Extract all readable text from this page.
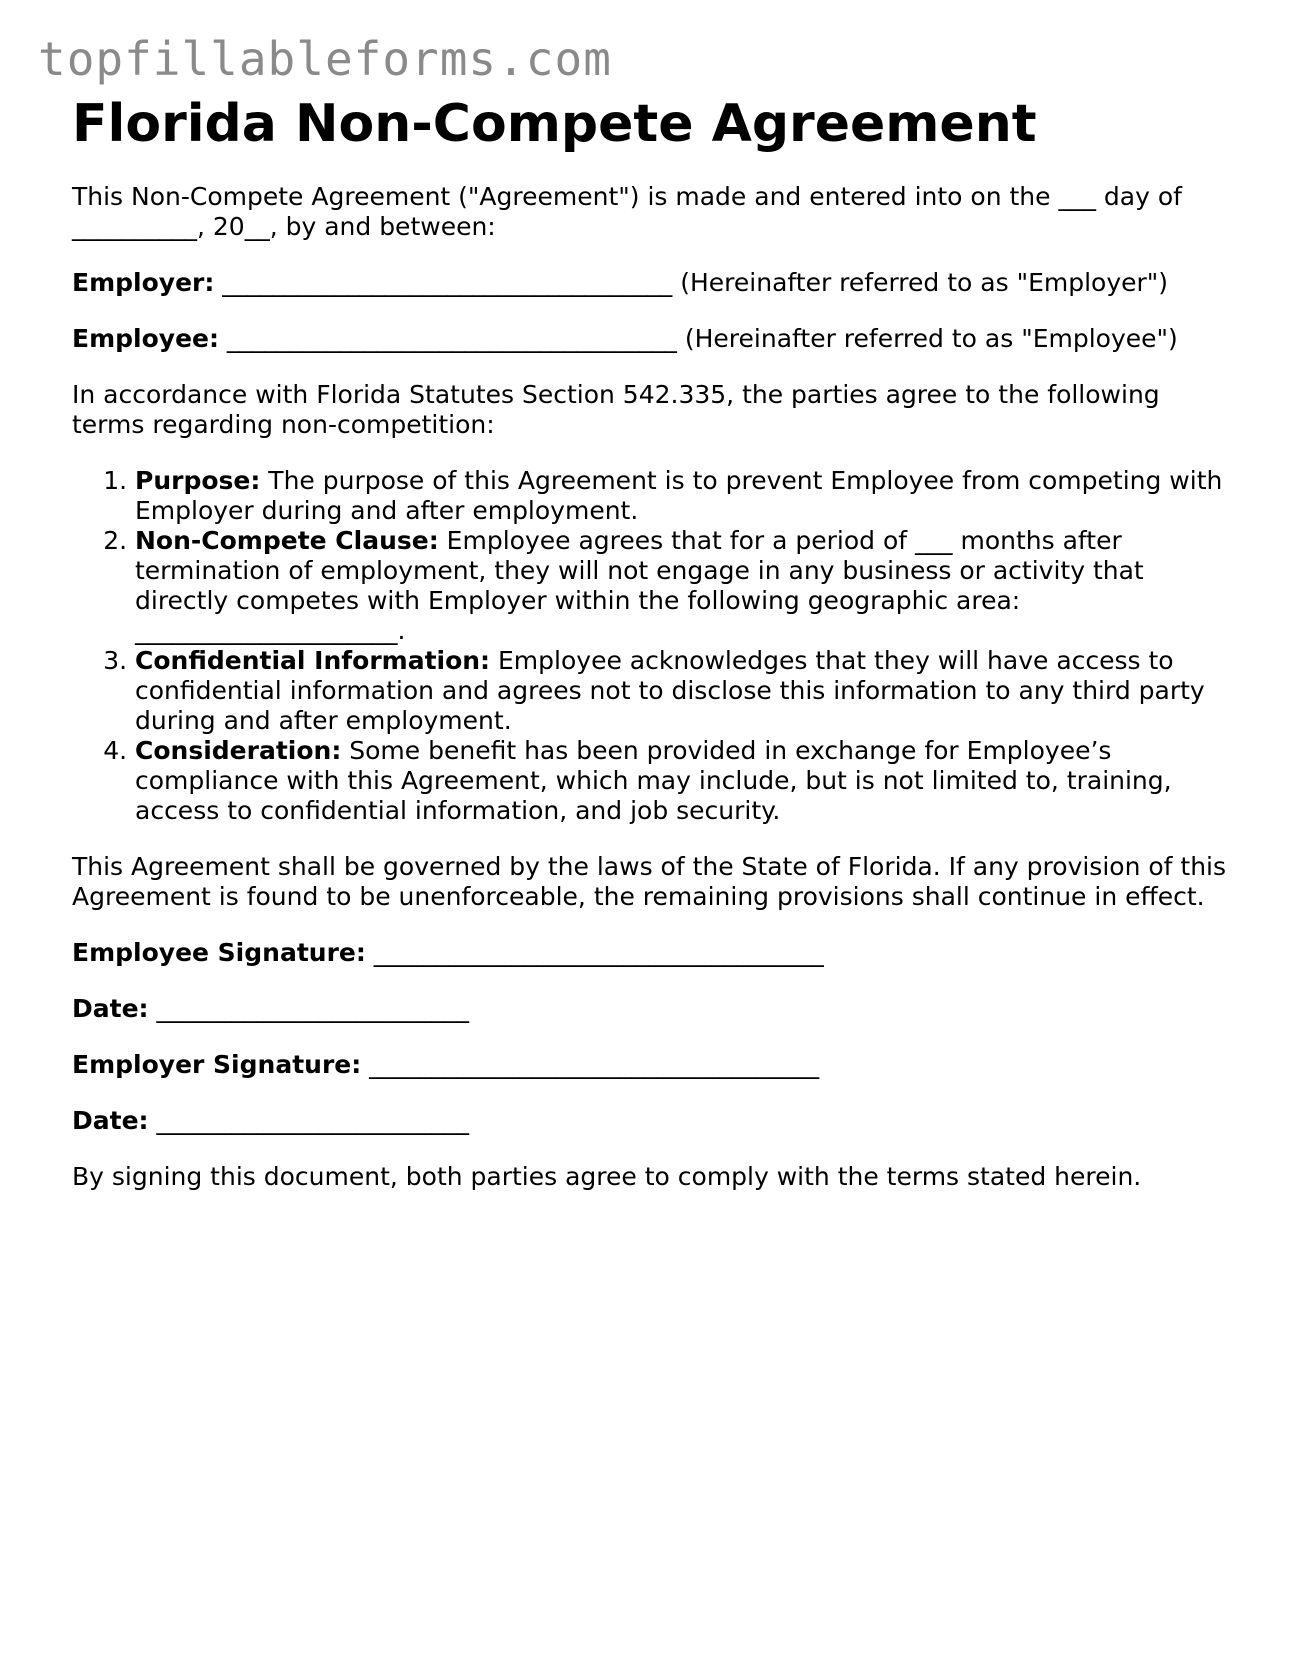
topfillableforms.com
Florida Non-Compete Agreement

This Non-Compete Agreement ("Agreement") is made and entered into on the ___ day of __________, 20__, by and between:

Employer: ____________________________________ (Hereinafter referred to as "Employer")

Employee: ____________________________________ (Hereinafter referred to as "Employee")

In accordance with Florida Statutes Section 542.335, the parties agree to the following terms regarding non-competition:

1. Purpose: The purpose of this Agreement is to prevent Employee from competing with Employer during and after employment.
2. Non-Compete Clause: Employee agrees that for a period of ___ months after termination of employment, they will not engage in any business or activity that directly competes with Employer within the following geographic area: _____________________.
3. Confidential Information: Employee acknowledges that they will have access to confidential information and agrees not to disclose this information to any third party during and after employment.
4. Consideration: Some benefit has been provided in exchange for Employee’s compliance with this Agreement, which may include, but is not limited to, training, access to confidential information, and job security.

This Agreement shall be governed by the laws of the State of Florida. If any provision of this Agreement is found to be unenforceable, the remaining provisions shall continue in effect.

Employee Signature: ____________________________________

Date: _________________________

Employer Signature: ____________________________________

Date: _________________________

By signing this document, both parties agree to comply with the terms stated herein.
